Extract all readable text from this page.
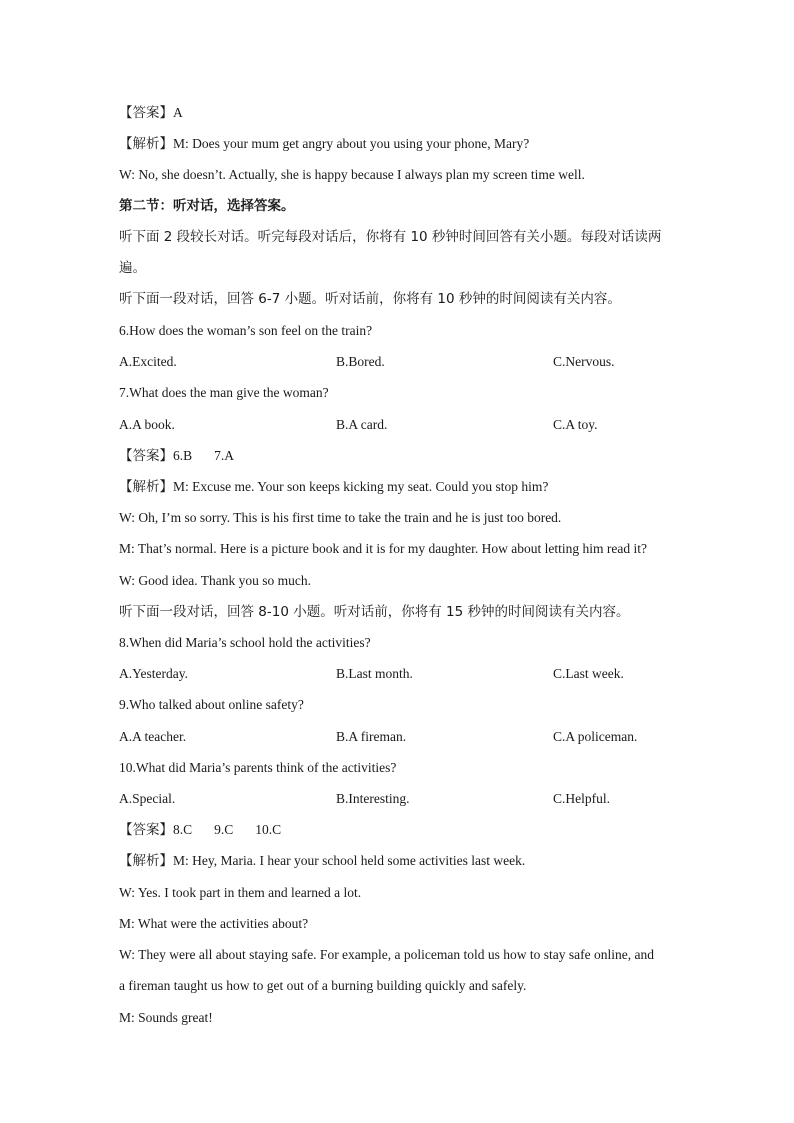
【答案】A
【解析】M: Does your mum get angry about you using your phone, Mary?
W: No, she doesn’t. Actually, she is happy because I always plan my screen time well.
第二节：听对话，选择答案。
听下面 2 段较长对话。听完每段对话后，你将有 10 秒钟时间回答有关小题。每段对话读两
遍。
听下面一段对话，回答 6-7 小题。听对话前，你将有 10 秒钟的时间阅读有关内容。
6.How does the woman’s son feel on the train?
A.Excited.	B.Bored.	C.Nervous.
7.What does the man give the woman?
A.A book.	B.A card.	C.A toy.
【答案】6.B 7.A
【解析】M: Excuse me. Your son keeps kicking my seat. Could you stop him?
W: Oh, I’m so sorry. This is his first time to take the train and he is just too bored.
M: That’s normal. Here is a picture book and it is for my daughter. How about letting him read it?
W: Good idea. Thank you so much.
听下面一段对话，回答 8-10 小题。听对话前，你将有 15 秒钟的时间阅读有关内容。
8.When did Maria’s school hold the activities?
A.Yesterday.	B.Last month.	C.Last week.
9.Who talked about online safety?
A.A teacher.	B.A fireman.	C.A policeman.
10.What did Maria’s parents think of the activities?
A.Special.	B.Interesting.	C.Helpful.
【答案】8.C 9.C 10.C
【解析】M: Hey, Maria. I hear your school held some activities last week.
W: Yes. I took part in them and learned a lot.
M: What were the activities about?
W: They were all about staying safe. For example, a policeman told us how to stay safe online, and
a fireman taught us how to get out of a burning building quickly and safely.
M: Sounds great!
